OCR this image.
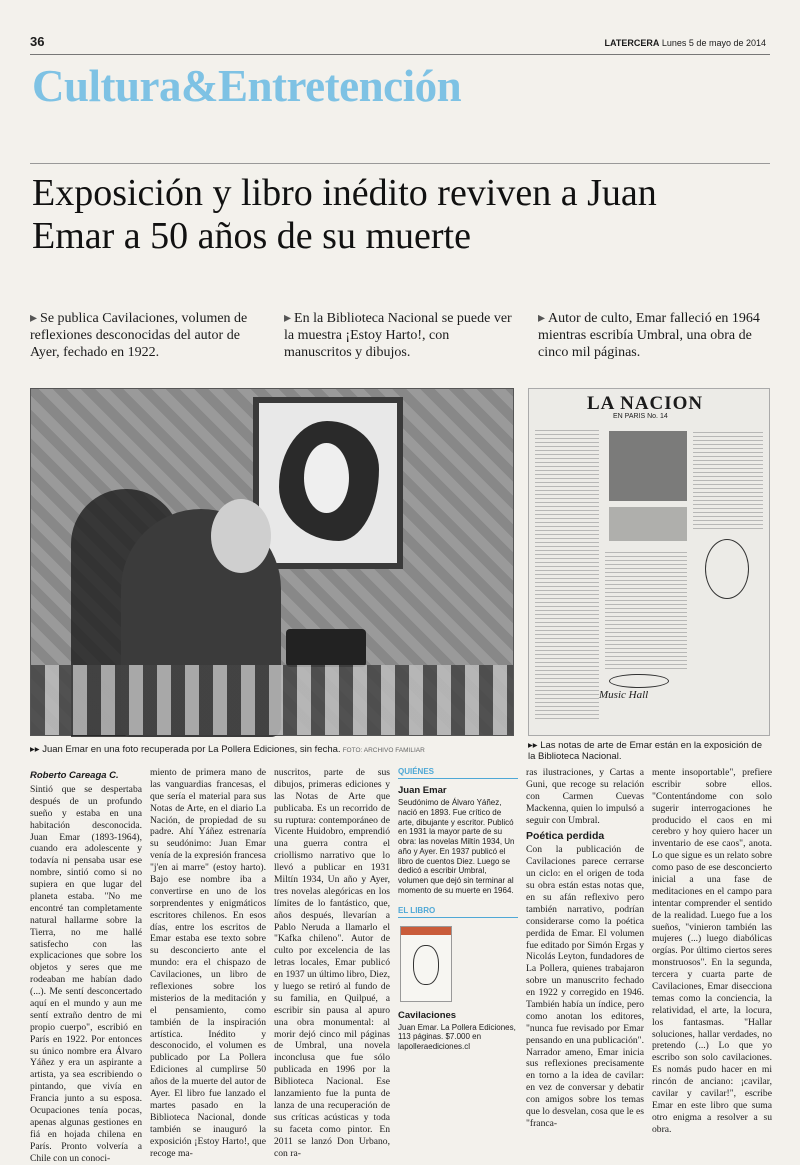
36	LATERCERA Lunes 5 de mayo de 2014
Cultura&Entretención
Exposición y libro inédito reviven a Juan Emar a 50 años de su muerte

▸ Se publica Cavilaciones, volumen de reflexiones desconocidas del autor de Ayer, fechado en 1922.

▸ En la Biblioteca Nacional se puede ver la muestra ¡Estoy Harto!, con manuscritos y dibujos.

▸ Autor de culto, Emar falleció en 1964 mientras escribía Umbral, una obra de cinco mil páginas.

LA NACION
EN PARIS No. 14
Music Hall
▸▸ Juan Emar en una foto recuperada por La Pollera Ediciones, sin fecha. FOTO: ARCHIVO FAMILIAR	▸▸ Las notas de arte de Emar están en la exposición de la Biblioteca Nacional.
Roberto Careaga C.
Sintió que se despertaba después de un profundo sueño y estaba en una habitación desconocida. Juan Emar (1893-1964), cuando era adolescente y todavía ni pensaba usar ese nombre, sintió como si no supiera en que lugar del planeta estaba. "No me encontré tan completamente natural hallarme sobre la Tierra, no me hallé satisfecho con las explicaciones que sobre los objetos y seres que me rodeaban me habían dado (...). Me sentí desconcertado aquí en el mundo y aun me sentí extraño dentro de mi propio cuerpo", escribió en París en 1922. Por entonces su único nombre era Álvaro Yáñez y era un aspirante a artista, ya sea escribiendo o pintando, que vivía en Francia junto a su esposa. Ocupaciones tenía pocas, apenas algunas gestiones en fiá en hojada chilena en París. Pronto volvería a Chile con un conoci-
miento de primera mano de las vanguardias francesas, el que sería el material para sus Notas de Arte, en el diario La Nación, de propiedad de su padre. Ahí Yáñez estrenaría su seudónimo: Juan Emar venía de la expresión francesa "j'en ai marre" (estoy harto). Bajo ese nombre iba a convertirse en uno de los sorprendentes y enigmáticos escritores chilenos. En esos días, entre los escritos de Emar estaba ese texto sobre su desconcierto ante el mundo: era el chispazo de Cavilaciones, un libro de reflexiones sobre los misterios de la meditación y el pensamiento, como también de la inspiración artística. Inédito y desconocido, el volumen es publicado por La Pollera Ediciones al cumplirse 50 años de la muerte del autor de Ayer. El libro fue lanzado el martes pasado en la Biblioteca Nacional, donde también se inauguró la exposición ¡Estoy Harto!, que recoge ma-
nuscritos, parte de sus dibujos, primeras ediciones y las Notas de Arte que publicaba. Es un recorrido de su ruptura: contemporáneo de Vicente Huidobro, emprendió una guerra contra el criollismo narrativo que lo llevó a publicar en 1931 Miltín 1934, Un año y Ayer, tres novelas alegóricas en los límites de lo fantástico, que, años después, llevarían a Pablo Neruda a llamarlo el "Kafka chileno". Autor de culto por excelencia de las letras locales, Emar publicó en 1937 un último libro, Diez, y luego se retiró al fundo de su familia, en Quilpué, a escribir sin pausa al apuro una obra monumental: al morir dejó cinco mil páginas de Umbral, una novela inconclusa que fue sólo publicada en 1996 por la Biblioteca Nacional. Ese lanzamiento fue la punta de lanza de una recuperación de sus críticas acústicas y toda su faceta como pintor. En 2011 se lanzó Don Urbano, con ra-
QUIÉNES
Juan Emar
Seudónimo de Álvaro Yáñez, nació en 1893. Fue crítico de arte, dibujante y escritor. Publicó en 1931 la mayor parte de su obra: las novelas Miltín 1934, Un año y Ayer. En 1937 publicó el libro de cuentos Diez. Luego se dedicó a escribir Umbral, volumen que dejó sin terminar al momento de su muerte en 1964.
EL LIBRO
Cavilaciones
Juan Emar. La Pollera Ediciones, 113 páginas. $7.000 en lapolleraediciones.cl
ras ilustraciones, y Cartas a Guni, que recoge su relación con Carmen Cuevas Mackenna, quien lo impulsó a seguir con Umbral.
Poética perdida
Con la publicación de Cavilaciones parece cerrarse un ciclo: en el origen de toda su obra están estas notas que, en su afán reflexivo pero también narrativo, podrían considerarse como la poética perdida de Emar. El volumen fue editado por Simón Ergas y Nicolás Leyton, fundadores de La Pollera, quienes trabajaron sobre un manuscrito fechado en 1922 y corregido en 1946. También había un índice, pero como anotan los editores, "nunca fue revisado por Emar pensando en una publicación". Narrador ameno, Emar inicia sus reflexiones precisamente en torno a la idea de cavilar: en vez de conversar y debatir con amigos sobre los temas que lo desvelan, cosa que le es "franca-
mente insoportable", prefiere escribir sobre ellos. "Contentándome con solo sugerir interrogaciones he producido el caos en mi cerebro y hoy quiero hacer un inventario de ese caos", anota. Lo que sigue es un relato sobre como paso de ese desconcierto inicial a una fase de meditaciones en el campo para intentar comprender el sentido de la realidad. Luego fue a los sueños, "vinieron también las mujeres (...) luego diabólicas orgías. Por último ciertos seres monstruosos". En la segunda, tercera y cuarta parte de Cavilaciones, Emar disecciona temas como la conciencia, la relatividad, el arte, la locura, los fantasmas. "Hallar soluciones, hallar verdades, no pretendo (...) Lo que yo escribo son solo cavilaciones. Es nomás pudo hacer en mi rincón de anciano: ¡cavilar, cavilar y cavilar!", escribe Emar en este libro que suma otro enigma a resolver a su obra.
